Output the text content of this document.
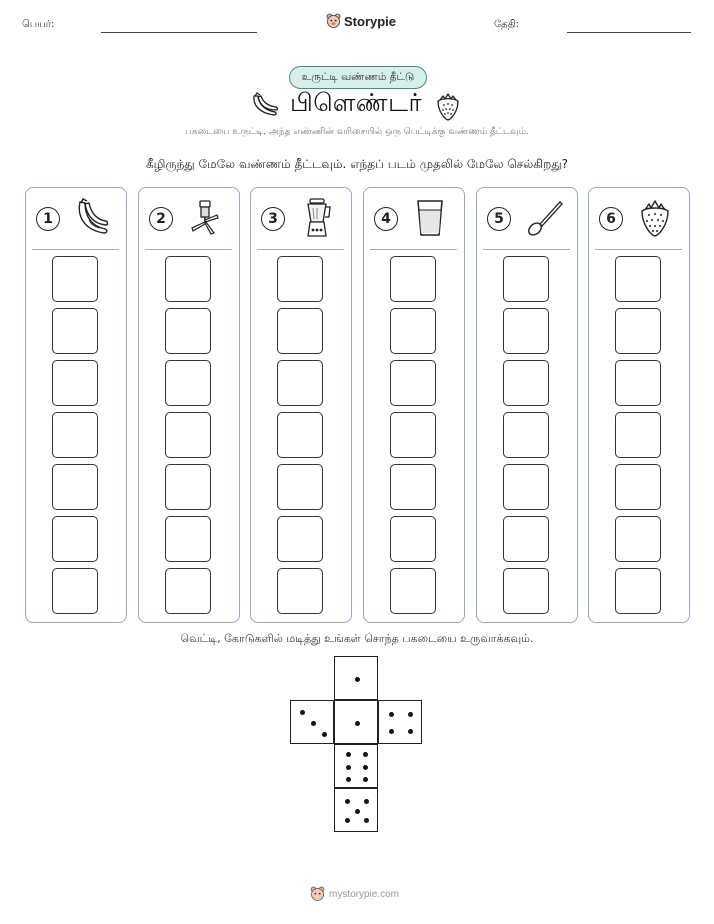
பெயர்:	Storypie	தேதி:
உருட்டி வண்ணம் தீட்டு
பிளெண்டர்
பகடையை உருட்டி, அந்த எண்ணின் வரிசையில் ஒரு பெட்டிக்கு வண்ணம் தீட்டவும்.
கீழிருந்து மேலே வண்ணம் தீட்டவும். எந்தப் படம் முதலில் மேலே செல்கிறது?
1	2	3	4	5	6
வெட்டி, கோடுகளில் மடித்து உங்கள் சொந்த பகடையை உருவாக்கவும்.
mystorypie.com
